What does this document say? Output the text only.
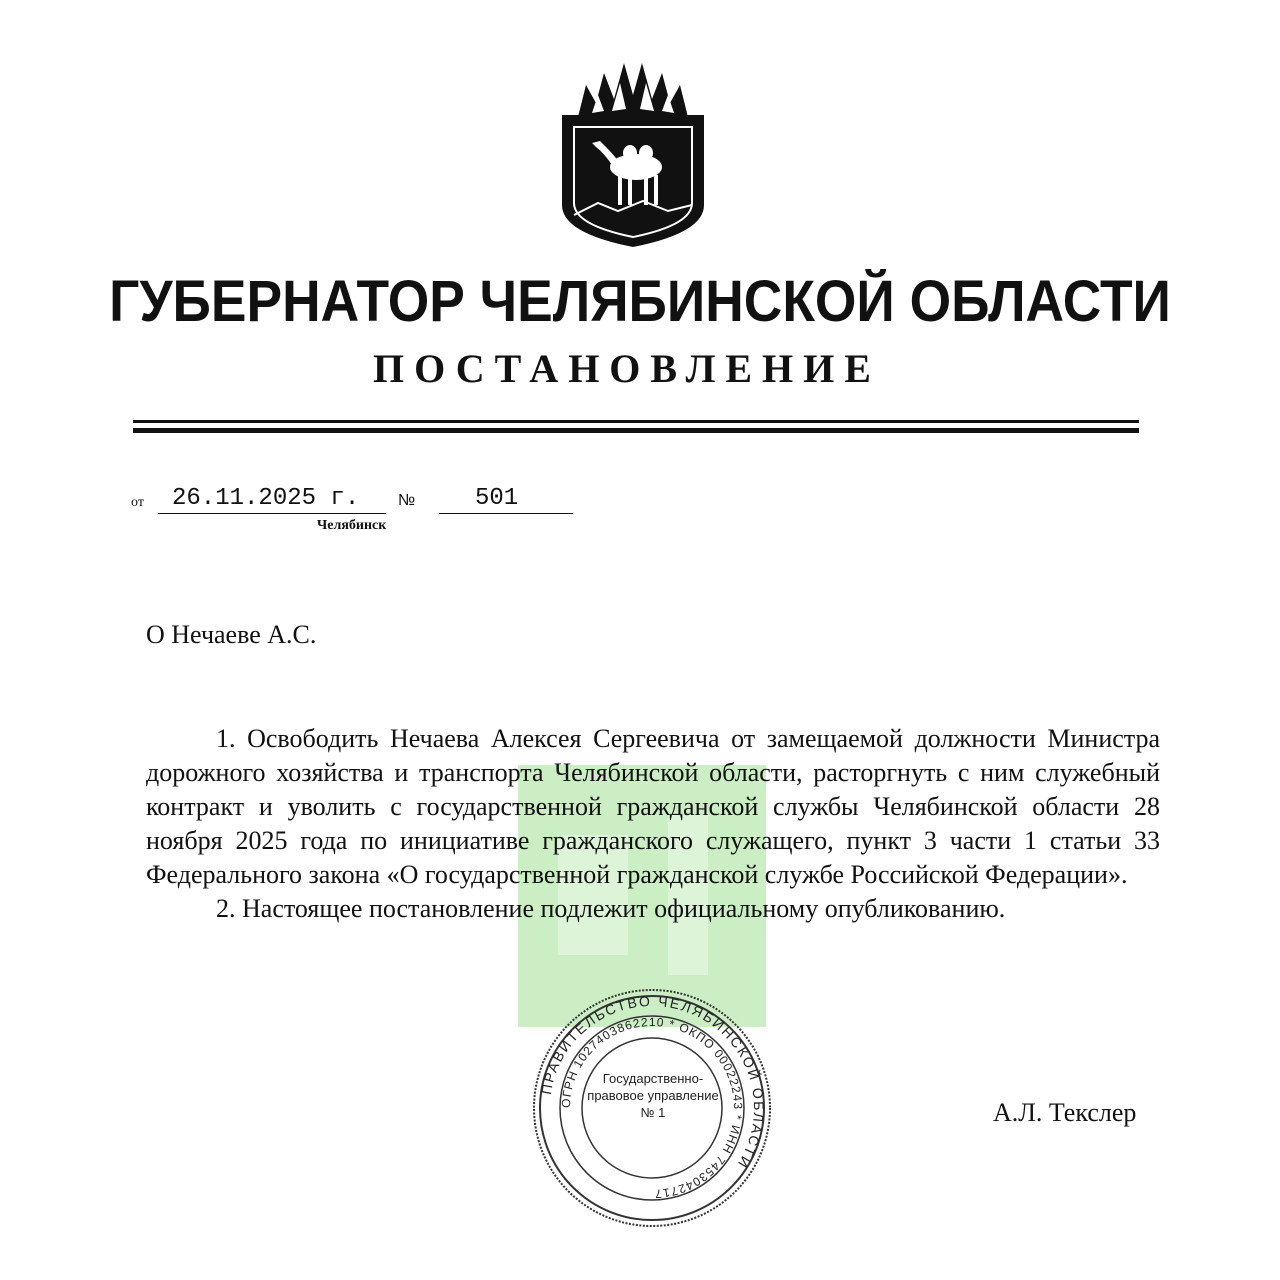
ГУБЕРНАТОР ЧЕЛЯБИНСКОЙ ОБЛАСТИ
ПОСТАНОВЛЕНИЕ
от	26.11.2025 г.	№	501
Челябинск
О Нечаеве А.С.

1. Освободить Нечаева Алексея Сергеевича от замещаемой должности Министра дорожного хозяйства и транспорта Челябинской области, расторгнуть с ним служебный контракт и уволить с государственной гражданской службы Челябинской области 28 ноября 2025 года по инициативе гражданского служащего, пункт 3 части 1 статьи 33 Федерального закона «О государственной гражданской службе Российской Федерации».

2. Настоящее постановление подлежит официальному опубликованию.

ПРАВИТЕЛЬСТВО ЧЕЛЯБИНСКОЙ ОБЛАСТИ
ОГРН 1027403862210 * ОКПО 00022243 * ИНН 7453042717
Государственно-правовое управление № 1	А.Л. Текслер
